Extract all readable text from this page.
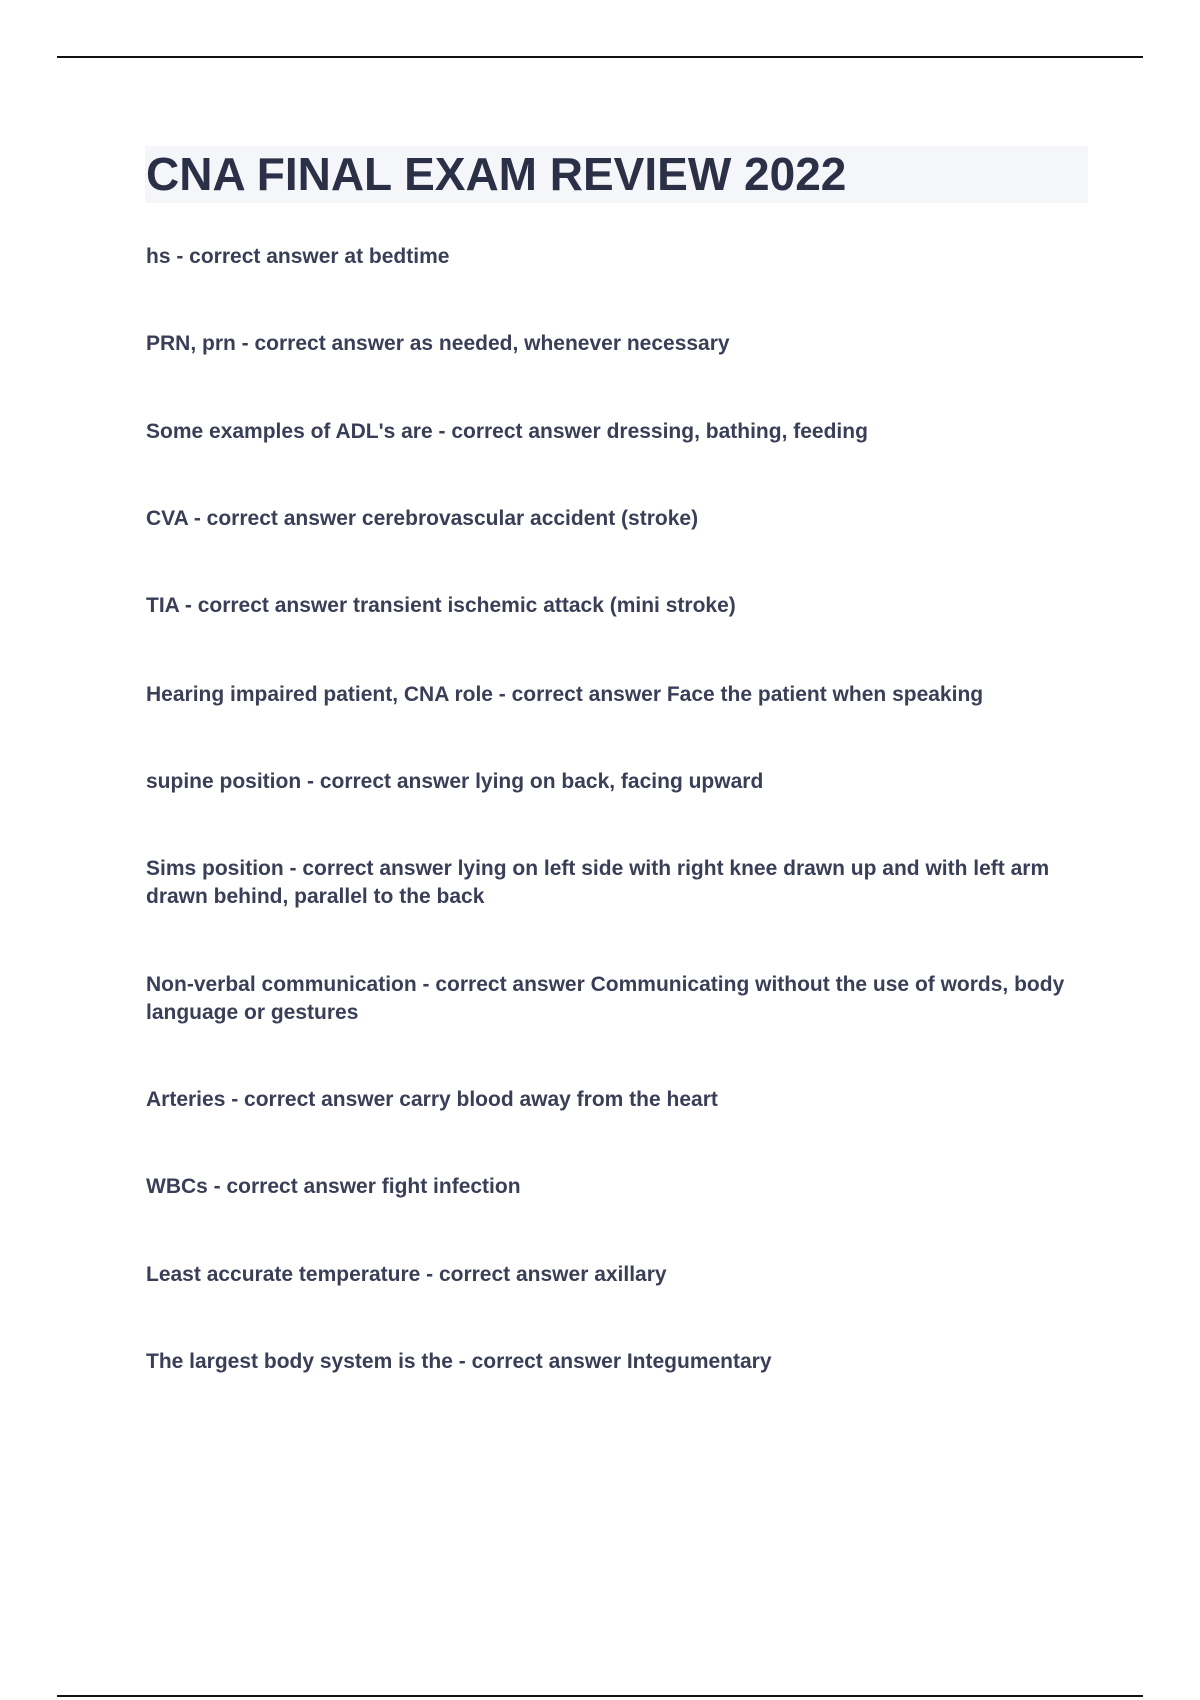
CNA FINAL EXAM REVIEW 2022
hs - correct answer at bedtime
PRN, prn - correct answer as needed, whenever necessary
Some examples of ADL's are - correct answer dressing, bathing, feeding
CVA - correct answer cerebrovascular accident (stroke)
TIA - correct answer transient ischemic attack (mini stroke)
Hearing impaired patient, CNA role - correct answer Face the patient when speaking
supine position - correct answer lying on back, facing upward
Sims position - correct answer lying on left side with right knee drawn up and with left arm drawn behind, parallel to the back
Non-verbal communication - correct answer Communicating without the use of words, body language or gestures
Arteries - correct answer carry blood away from the heart
WBCs - correct answer fight infection
Least accurate temperature - correct answer axillary
The largest body system is the - correct answer Integumentary
